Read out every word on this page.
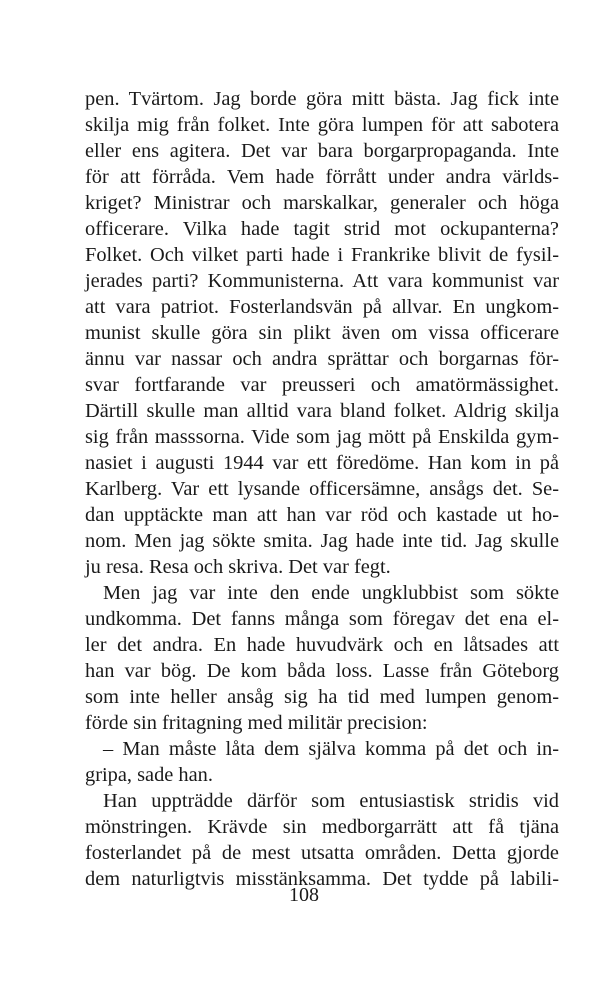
pen. Tvärtom. Jag borde göra mitt bästa. Jag fick inte
skilja mig från folket. Inte göra lumpen för att sabotera
eller ens agitera. Det var bara borgarpropaganda. Inte
för att förråda. Vem hade förrått under andra världs-
kriget? Ministrar och marskalkar, generaler och höga
officerare. Vilka hade tagit strid mot ockupanterna?
Folket. Och vilket parti hade i Frankrike blivit de fysil-
jerades parti? Kommunisterna. Att vara kommunist var
att vara patriot. Fosterlandsvän på allvar. En ungkom-
munist skulle göra sin plikt även om vissa officerare
ännu var nassar och andra sprättar och borgarnas för-
svar fortfarande var preusseri och amatörmässighet.
Därtill skulle man alltid vara bland folket. Aldrig skilja
sig från masssorna. Vide som jag mött på Enskilda gym-
nasiet i augusti 1944 var ett föredöme. Han kom in på
Karlberg. Var ett lysande officersämne, ansågs det. Se-
dan upptäckte man att han var röd och kastade ut ho-
nom. Men jag sökte smita. Jag hade inte tid. Jag skulle
ju resa. Resa och skriva. Det var fegt.
Men jag var inte den ende ungklubbist som sökte
undkomma. Det fanns många som föregav det ena el-
ler det andra. En hade huvudvärk och en låtsades att
han var bög. De kom båda loss. Lasse från Göteborg
som inte heller ansåg sig ha tid med lumpen genom-
förde sin fritagning med militär precision:
– Man måste låta dem själva komma på det och in-
gripa, sade han.
Han uppträdde därför som entusiastisk stridis vid
mönstringen. Krävde sin medborgarrätt att få tjäna
fosterlandet på de mest utsatta områden. Detta gjorde
dem naturligtvis misstänksamma. Det tydde på labili-
108
